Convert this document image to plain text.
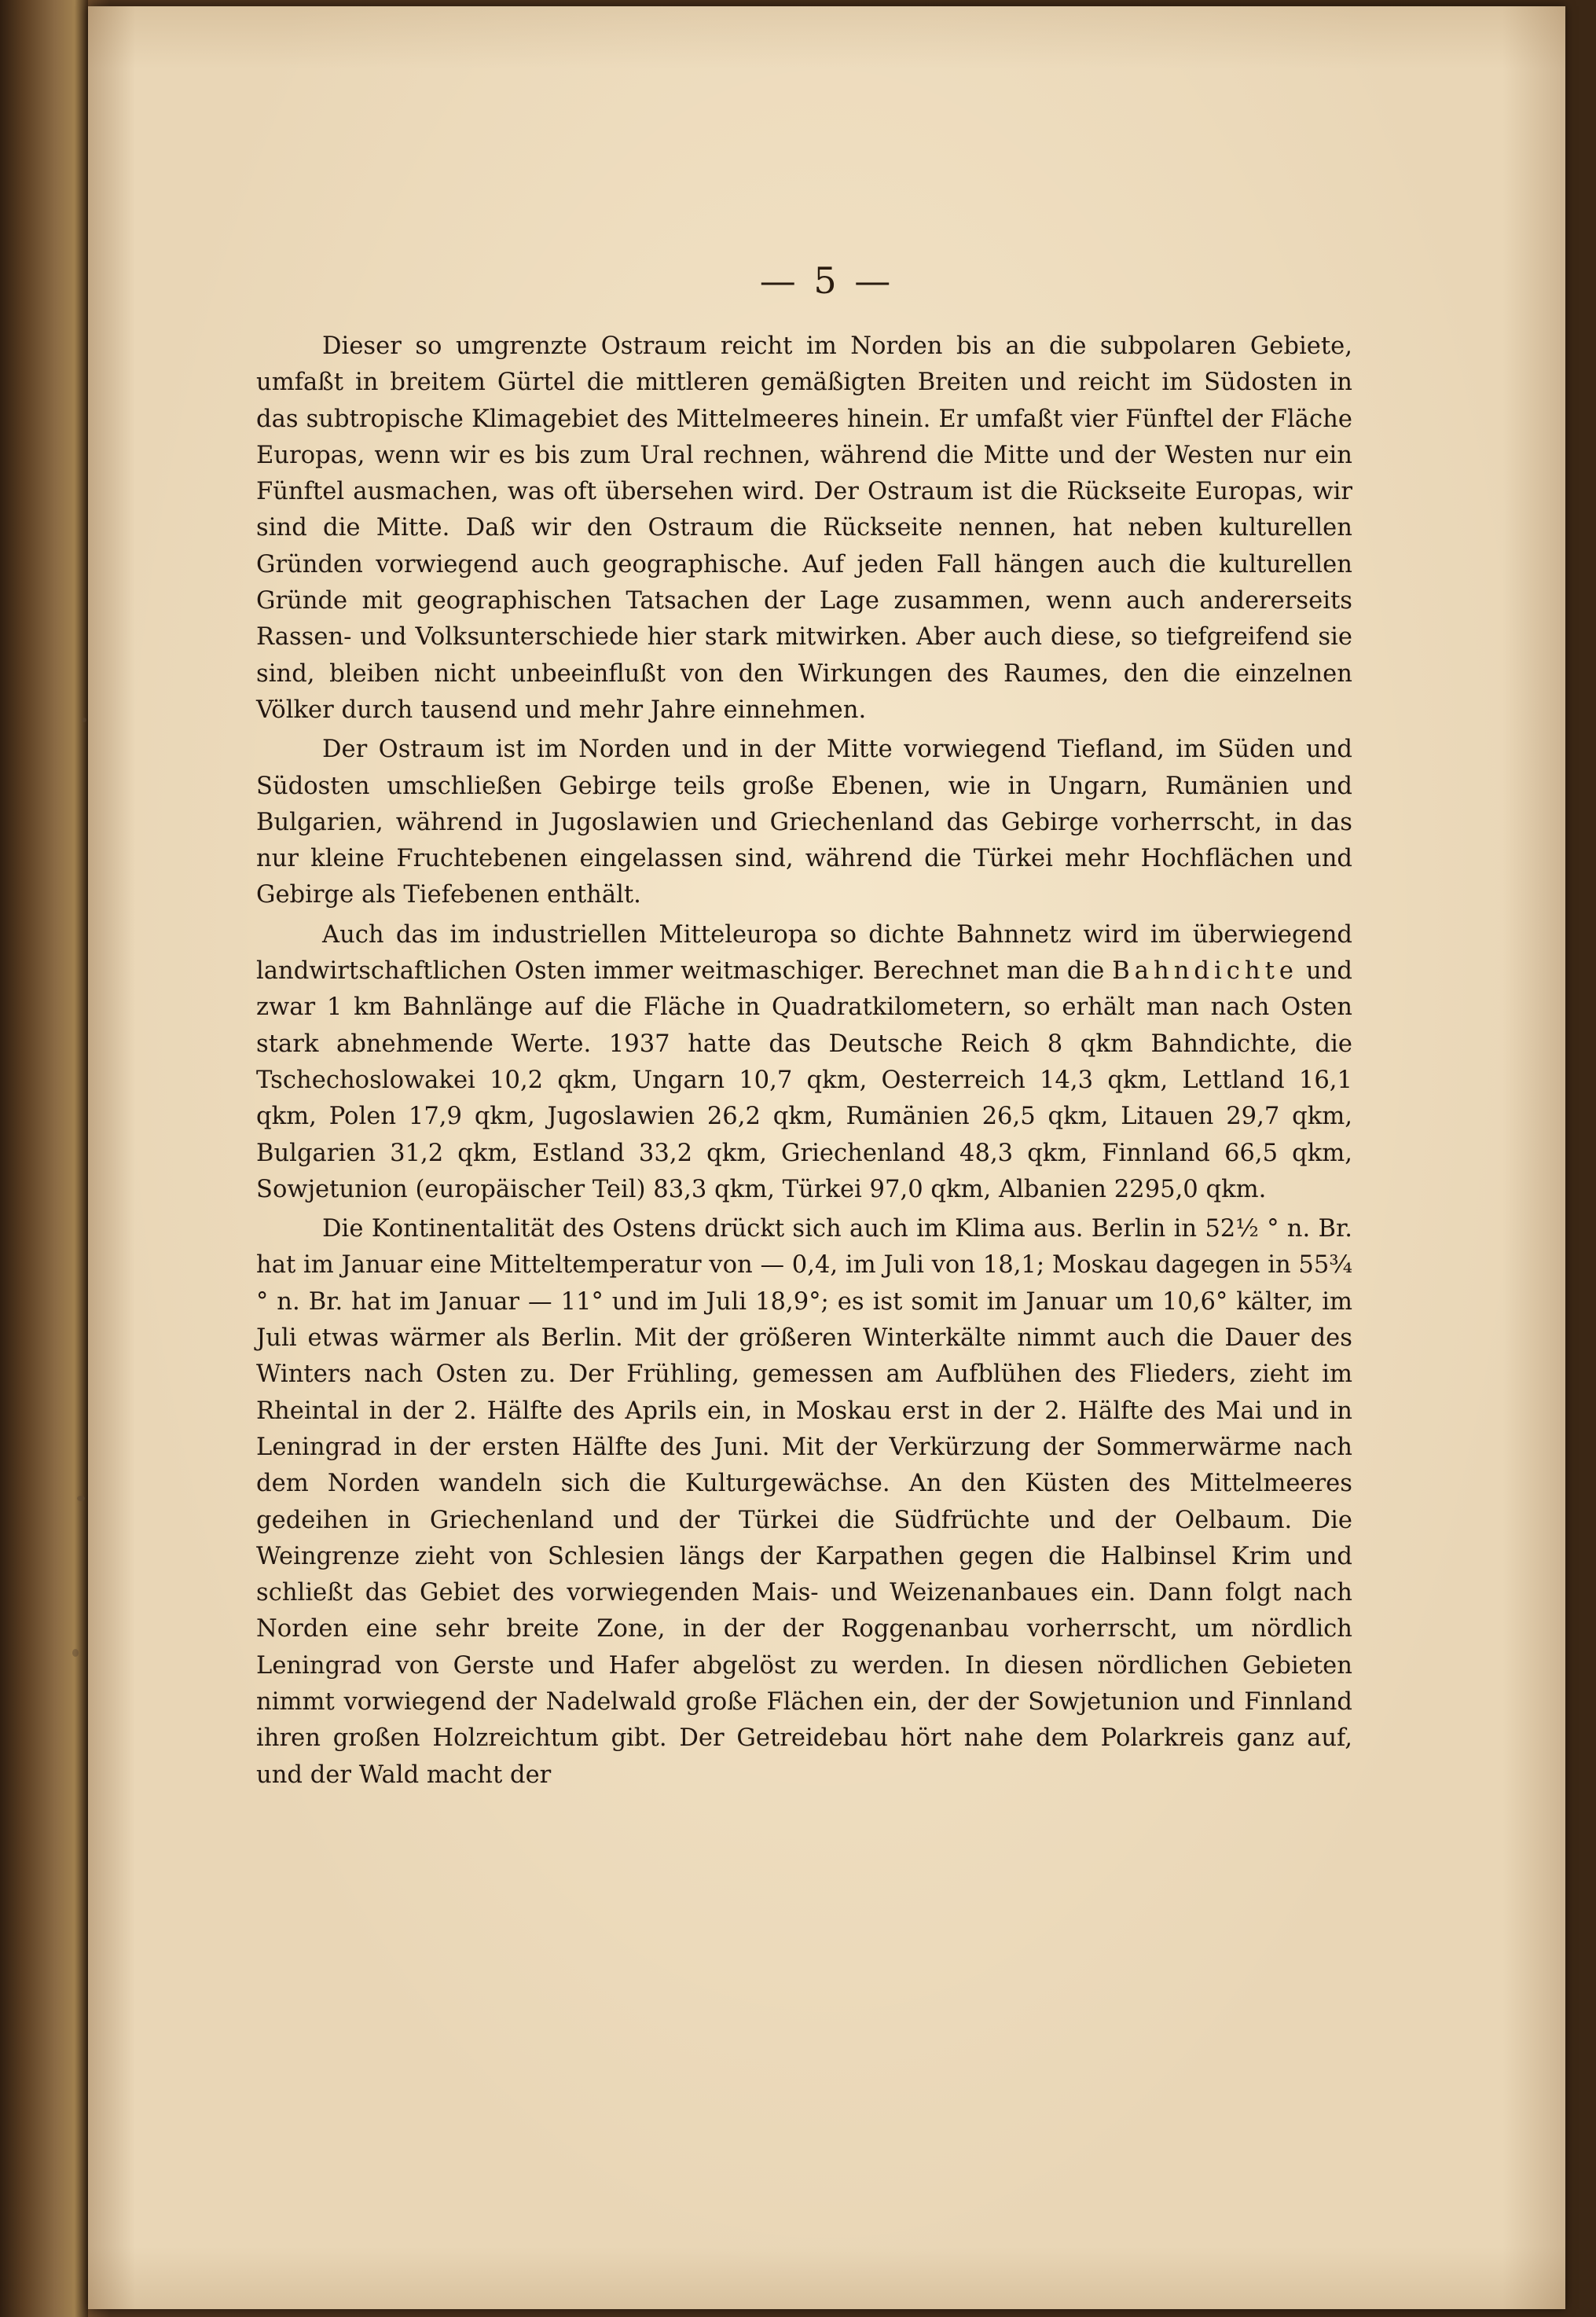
— 5 —

Dieser so umgrenzte Ostraum reicht im Norden bis an die subpolaren Gebiete, umfaßt in breitem Gürtel die mittleren gemäßigten Breiten und reicht im Südosten in das subtropische Klimagebiet des Mittelmeeres hinein. Er umfaßt vier Fünftel der Fläche Europas, wenn wir es bis zum Ural rechnen, während die Mitte und der Westen nur ein Fünftel ausmachen, was oft übersehen wird. Der Ostraum ist die Rückseite Europas, wir sind die Mitte. Daß wir den Ostraum die Rückseite nennen, hat neben kulturellen Gründen vorwiegend auch geographische. Auf jeden Fall hängen auch die kulturellen Gründe mit geographischen Tatsachen der Lage zusammen, wenn auch andererseits Rassen- und Volksunterschiede hier stark mitwirken. Aber auch diese, so tiefgreifend sie sind, bleiben nicht unbeeinflußt von den Wirkungen des Raumes, den die einzelnen Völker durch tausend und mehr Jahre einnehmen.

Der Ostraum ist im Norden und in der Mitte vorwiegend Tiefland, im Süden und Südosten umschließen Gebirge teils große Ebenen, wie in Ungarn, Rumänien und Bulgarien, während in Jugoslawien und Griechenland das Gebirge vorherrscht, in das nur kleine Fruchtebenen eingelassen sind, während die Türkei mehr Hochflächen und Gebirge als Tiefebenen enthält.

Auch das im industriellen Mitteleuropa so dichte Bahnnetz wird im überwiegend landwirtschaftlichen Osten immer weitmaschiger. Berechnet man die Bahndichte und zwar 1 km Bahnlänge auf die Fläche in Quadratkilometern, so erhält man nach Osten stark abnehmende Werte. 1937 hatte das Deutsche Reich 8 qkm Bahndichte, die Tschechoslowakei 10,2 qkm, Ungarn 10,7 qkm, Oesterreich 14,3 qkm, Lettland 16,1 qkm, Polen 17,9 qkm, Jugoslawien 26,2 qkm, Rumänien 26,5 qkm, Litauen 29,7 qkm, Bulgarien 31,2 qkm, Estland 33,2 qkm, Griechenland 48,3 qkm, Finnland 66,5 qkm, Sowjetunion (europäischer Teil) 83,3 qkm, Türkei 97,0 qkm, Albanien 2295,0 qkm.

Die Kontinentalität des Ostens drückt sich auch im Klima aus. Berlin in 52½ ° n. Br. hat im Januar eine Mitteltemperatur von — 0,4, im Juli von 18,1; Moskau dagegen in 55¾ ° n. Br. hat im Januar — 11° und im Juli 18,9°; es ist somit im Januar um 10,6° kälter, im Juli etwas wärmer als Berlin. Mit der größeren Winterkälte nimmt auch die Dauer des Winters nach Osten zu. Der Frühling, gemessen am Aufblühen des Flieders, zieht im Rheintal in der 2. Hälfte des Aprils ein, in Moskau erst in der 2. Hälfte des Mai und in Leningrad in der ersten Hälfte des Juni. Mit der Verkürzung der Sommerwärme nach dem Norden wandeln sich die Kulturgewächse. An den Küsten des Mittelmeeres gedeihen in Griechenland und der Türkei die Südfrüchte und der Oelbaum. Die Weingrenze zieht von Schlesien längs der Karpathen gegen die Halbinsel Krim und schließt das Gebiet des vorwiegenden Mais- und Weizenanbaues ein. Dann folgt nach Norden eine sehr breite Zone, in der der Roggenanbau vorherrscht, um nördlich Leningrad von Gerste und Hafer abgelöst zu werden. In diesen nördlichen Gebieten nimmt vorwiegend der Nadelwald große Flächen ein, der der Sowjetunion und Finnland ihren großen Holzreichtum gibt. Der Getreidebau hört nahe dem Polarkreis ganz auf, und der Wald macht der
